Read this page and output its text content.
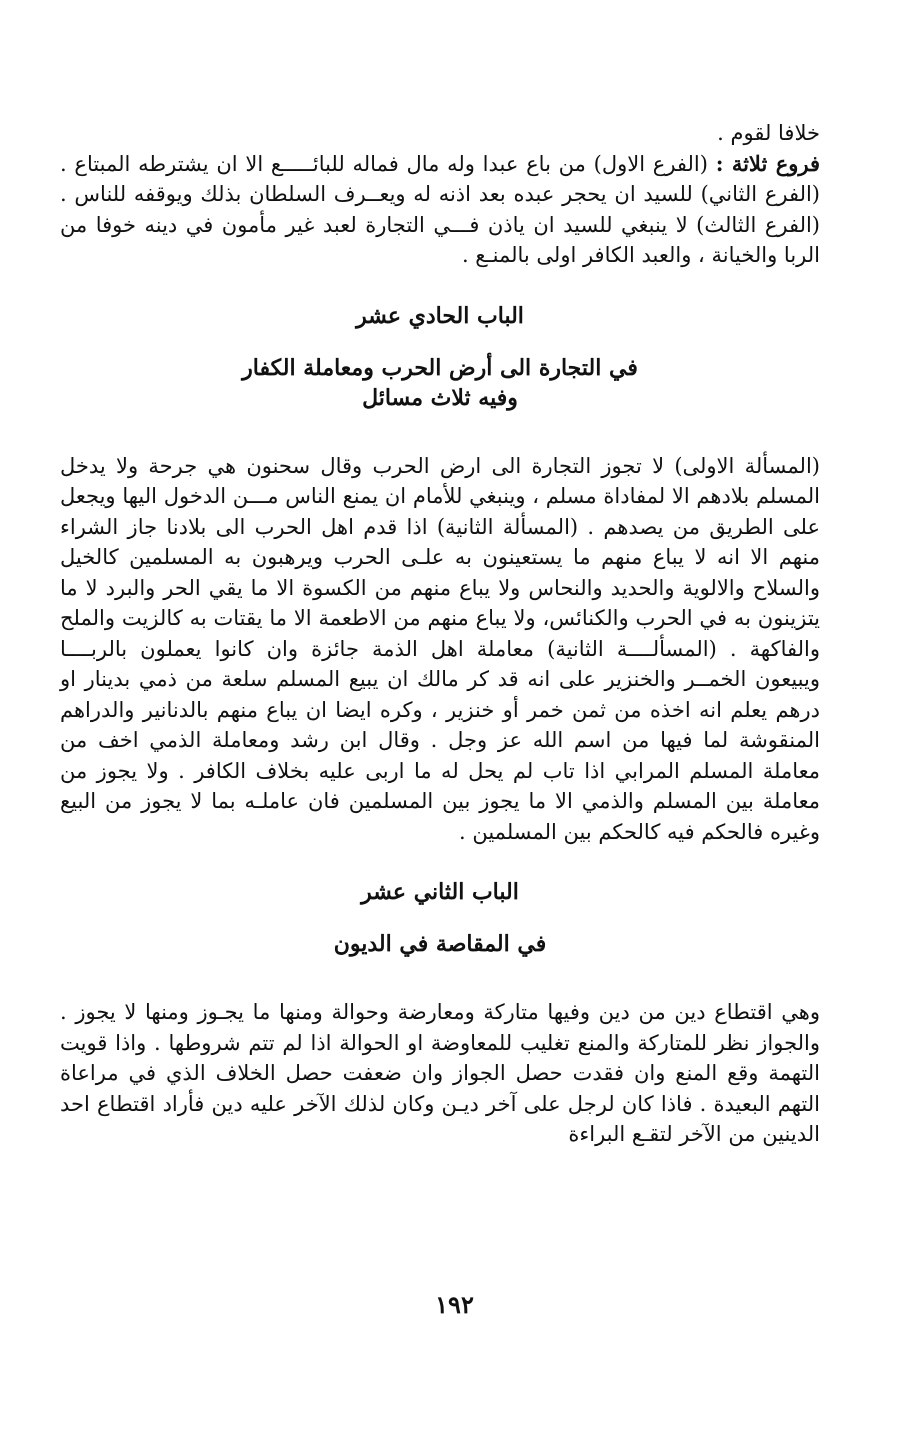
خلافا لقوم .
فروع ثلاثة : (الفرع الاول) من باع عبدا وله مال فماله للبائـــــع الا ان يشترطه المبتاع . (الفرع الثاني) للسيد ان يحجر عبده بعد اذنه له ويعــرف السلطان بذلك ويوقفه للناس . (الفرع الثالث) لا ينبغي للسيد ان ياذن فـــي التجارة لعبد غير مأمون في دينه خوفا من الربا والخيانة ، والعبد الكافر اولى بالمنـع .

الباب الحادي عشر
في التجارة الى أرض الحرب ومعاملة الكفار
وفيه ثلاث مسائل

(المسألة الاولى) لا تجوز التجارة الى ارض الحرب وقال سحنون هي جرحة ولا يدخل المسلم بلادهم الا لمفاداة مسلم ، وينبغي للأمام ان يمنع الناس مـــن الدخول اليها ويجعل على الطريق من يصدهم . (المسألة الثانية) اذا قدم اهل الحرب الى بلادنا جاز الشراء منهم الا انه لا يباع منهم ما يستعينون به علـى الحرب ويرهبون به المسلمين كالخيل والسلاح والالوية والحديد والنحاس ولا يباع منهم من الكسوة الا ما يقي الحر والبرد لا ما يتزينون به في الحرب والكنائس، ولا يباع منهم من الاطعمة الا ما يقتات به كالزيت والملح والفاكهة . (المسألــــة الثانية) معاملة اهل الذمة جائزة وان كانوا يعملون بالربــــا ويبيعون الخمــر والخنزير على انه قد كر مالك ان يبيع المسلم سلعة من ذمي بدينار او درهم يعلم انه اخذه من ثمن خمر أو خنزير ، وكره ايضا ان يباع منهم بالدنانير والدراهم المنقوشة لما فيها من اسم الله عز وجل . وقال ابن رشد ومعاملة الذمي اخف من معاملة المسلم المرابي اذا تاب لم يحل له ما اربى عليه بخلاف الكافر . ولا يجوز من معاملة بين المسلم والذمي الا ما يجوز بين المسلمين فان عاملـه بما لا يجوز من البيع وغيره فالحكم فيه كالحكم بين المسلمين .

الباب الثاني عشر
في المقاصة في الديون

وهي اقتطاع دين من دين وفيها متاركة ومعارضة وحوالة ومنها ما يجـوز ومنها لا يجوز . والجواز نظر للمتاركة والمنع تغليب للمعاوضة او الحوالة اذا لم تتم شروطها . واذا قويت التهمة وقع المنع وان فقدت حصل الجواز وان ضعفت حصل الخلاف الذي في مراعاة التهم البعيدة . فاذا كان لرجل على آخر ديـن وكان لذلك الآخر عليه دين فأراد اقتطاع احد الدينين من الآخر لتقـع البراءة

١٩٢
